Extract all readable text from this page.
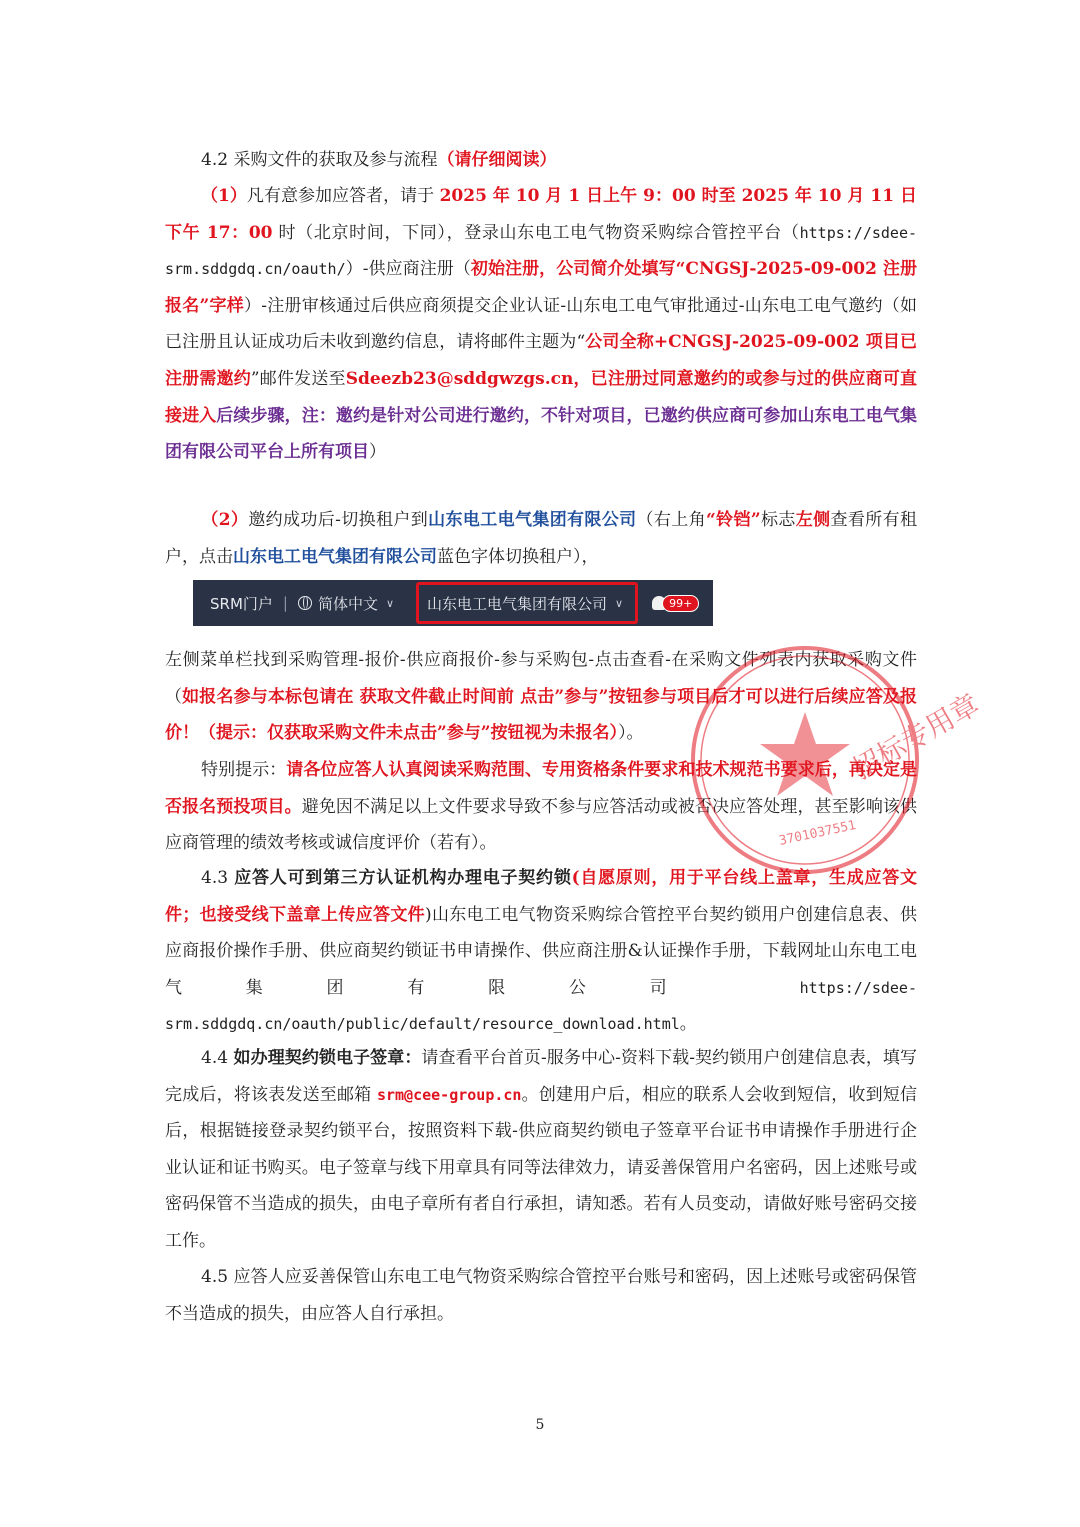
4.2 采购文件的获取及参与流程（请仔细阅读）

（1）凡有意参加应答者，请于 2025 年 10 月 1 日上午 9：00 时至 2025 年 10 月 11 日下午 17：00 时（北京时间，下同），登录山东电工电气物资采购综合管控平台（https://sdee-srm.sddgdq.cn/oauth/）-供应商注册（初始注册，公司简介处填写“CNGSJ-2025-09-002 注册报名”字样）-注册审核通过后供应商须提交企业认证-山东电工电气审批通过-山东电工电气邀约（如已注册且认证成功后未收到邀约信息，请将邮件主题为“公司全称+CNGSJ-2025-09-002 项目已注册需邀约”邮件发送至Sdeezb23@sddgwzgs.cn，已注册过同意邀约的或参与过的供应商可直接进入后续步骤，注：邀约是针对公司进行邀约，不针对项目，已邀约供应商可参加山东电工电气集团有限公司平台上所有项目）

（2）邀约成功后-切换租户到山东电工电气集团有限公司（右上角“铃铛”标志左侧查看所有租户，点击山东电工电气集团有限公司蓝色字体切换租户），

SRM门户 | 简体中文 ∨ 山东电工电气集团有限公司 ∨	99+

左侧菜单栏找到采购管理-报价-供应商报价-参与采购包-点击查看-在采购文件列表内获取采购文件（如报名参与本标包请在 获取文件截止时间前 点击”参与”按钮参与项目后才可以进行后续应答及报价！（提示：仅获取采购文件未点击”参与”按钮视为未报名））。

特别提示：请各位应答人认真阅读采购范围、专用资格条件要求和技术规范书要求后，再决定是否报名预投项目。避免因不满足以上文件要求导致不参与应答活动或被否决应答处理，甚至影响该供应商管理的绩效考核或诚信度评价（若有）。

4.3 应答人可到第三方认证机构办理电子契约锁(自愿原则，用于平台线上盖章，生成应答文件；也接受线下盖章上传应答文件)山东电工电气物资采购综合管控平台契约锁用户创建信息表、供应商报价操作手册、供应商契约锁证书申请操作、供应商注册&认证操作手册，下载网址山东电工电气集团有限公司 https://sdee-srm.sddgdq.cn/oauth/public/default/resource_download.html。

4.4 如办理契约锁电子签章：请查看平台首页-服务中心-资料下载-契约锁用户创建信息表，填写完成后，将该表发送至邮箱 srm@cee-group.cn。创建用户后，相应的联系人会收到短信，收到短信后，根据链接登录契约锁平台，按照资料下载-供应商契约锁电子签章平台证书申请操作手册进行企业认证和证书购买。电子签章与线下用章具有同等法律效力，请妥善保管用户名密码，因上述账号或密码保管不当造成的损失，由电子章所有者自行承担，请知悉。若有人员变动，请做好账号密码交接工作。

4.5 应答人应妥善保管山东电工电气物资采购综合管控平台账号和密码，因上述账号或密码保管不当造成的损失，由应答人自行承担。

招标专用章
3701037551
5
